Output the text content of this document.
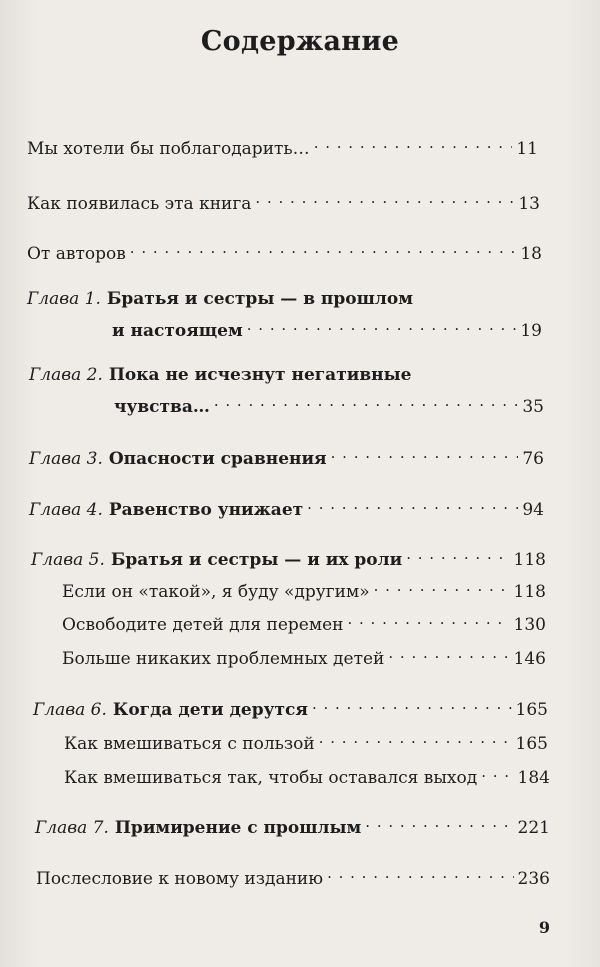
Содержание
Мы хотели бы поблагодарить… . . .	11
Как появилась эта книга . . .	13
От авторов . . .	18
Глава 1. Братья и сестры — в прошлом
и настоящем . . .	19
Глава 2. Пока не исчезнут негативные
чувства… . . .	35
Глава 3. Опасности сравнения . . .	76
Глава 4. Равенство унижает . . .	94
Глава 5. Братья и сестры — и их роли . . .	118
Если он «такой», я буду «другим» . . .	118
Освободите детей для перемен . . .	130
Больше никаких проблемных детей . . .	146
Глава 6. Когда дети дерутся . . .	165
Как вмешиваться с пользой . . .	165
Как вмешиваться так, чтобы оставался выход . . . 184
Глава 7. Примирение с прошлым . . .	221
Послесловие к новому изданию . . .	236
9
